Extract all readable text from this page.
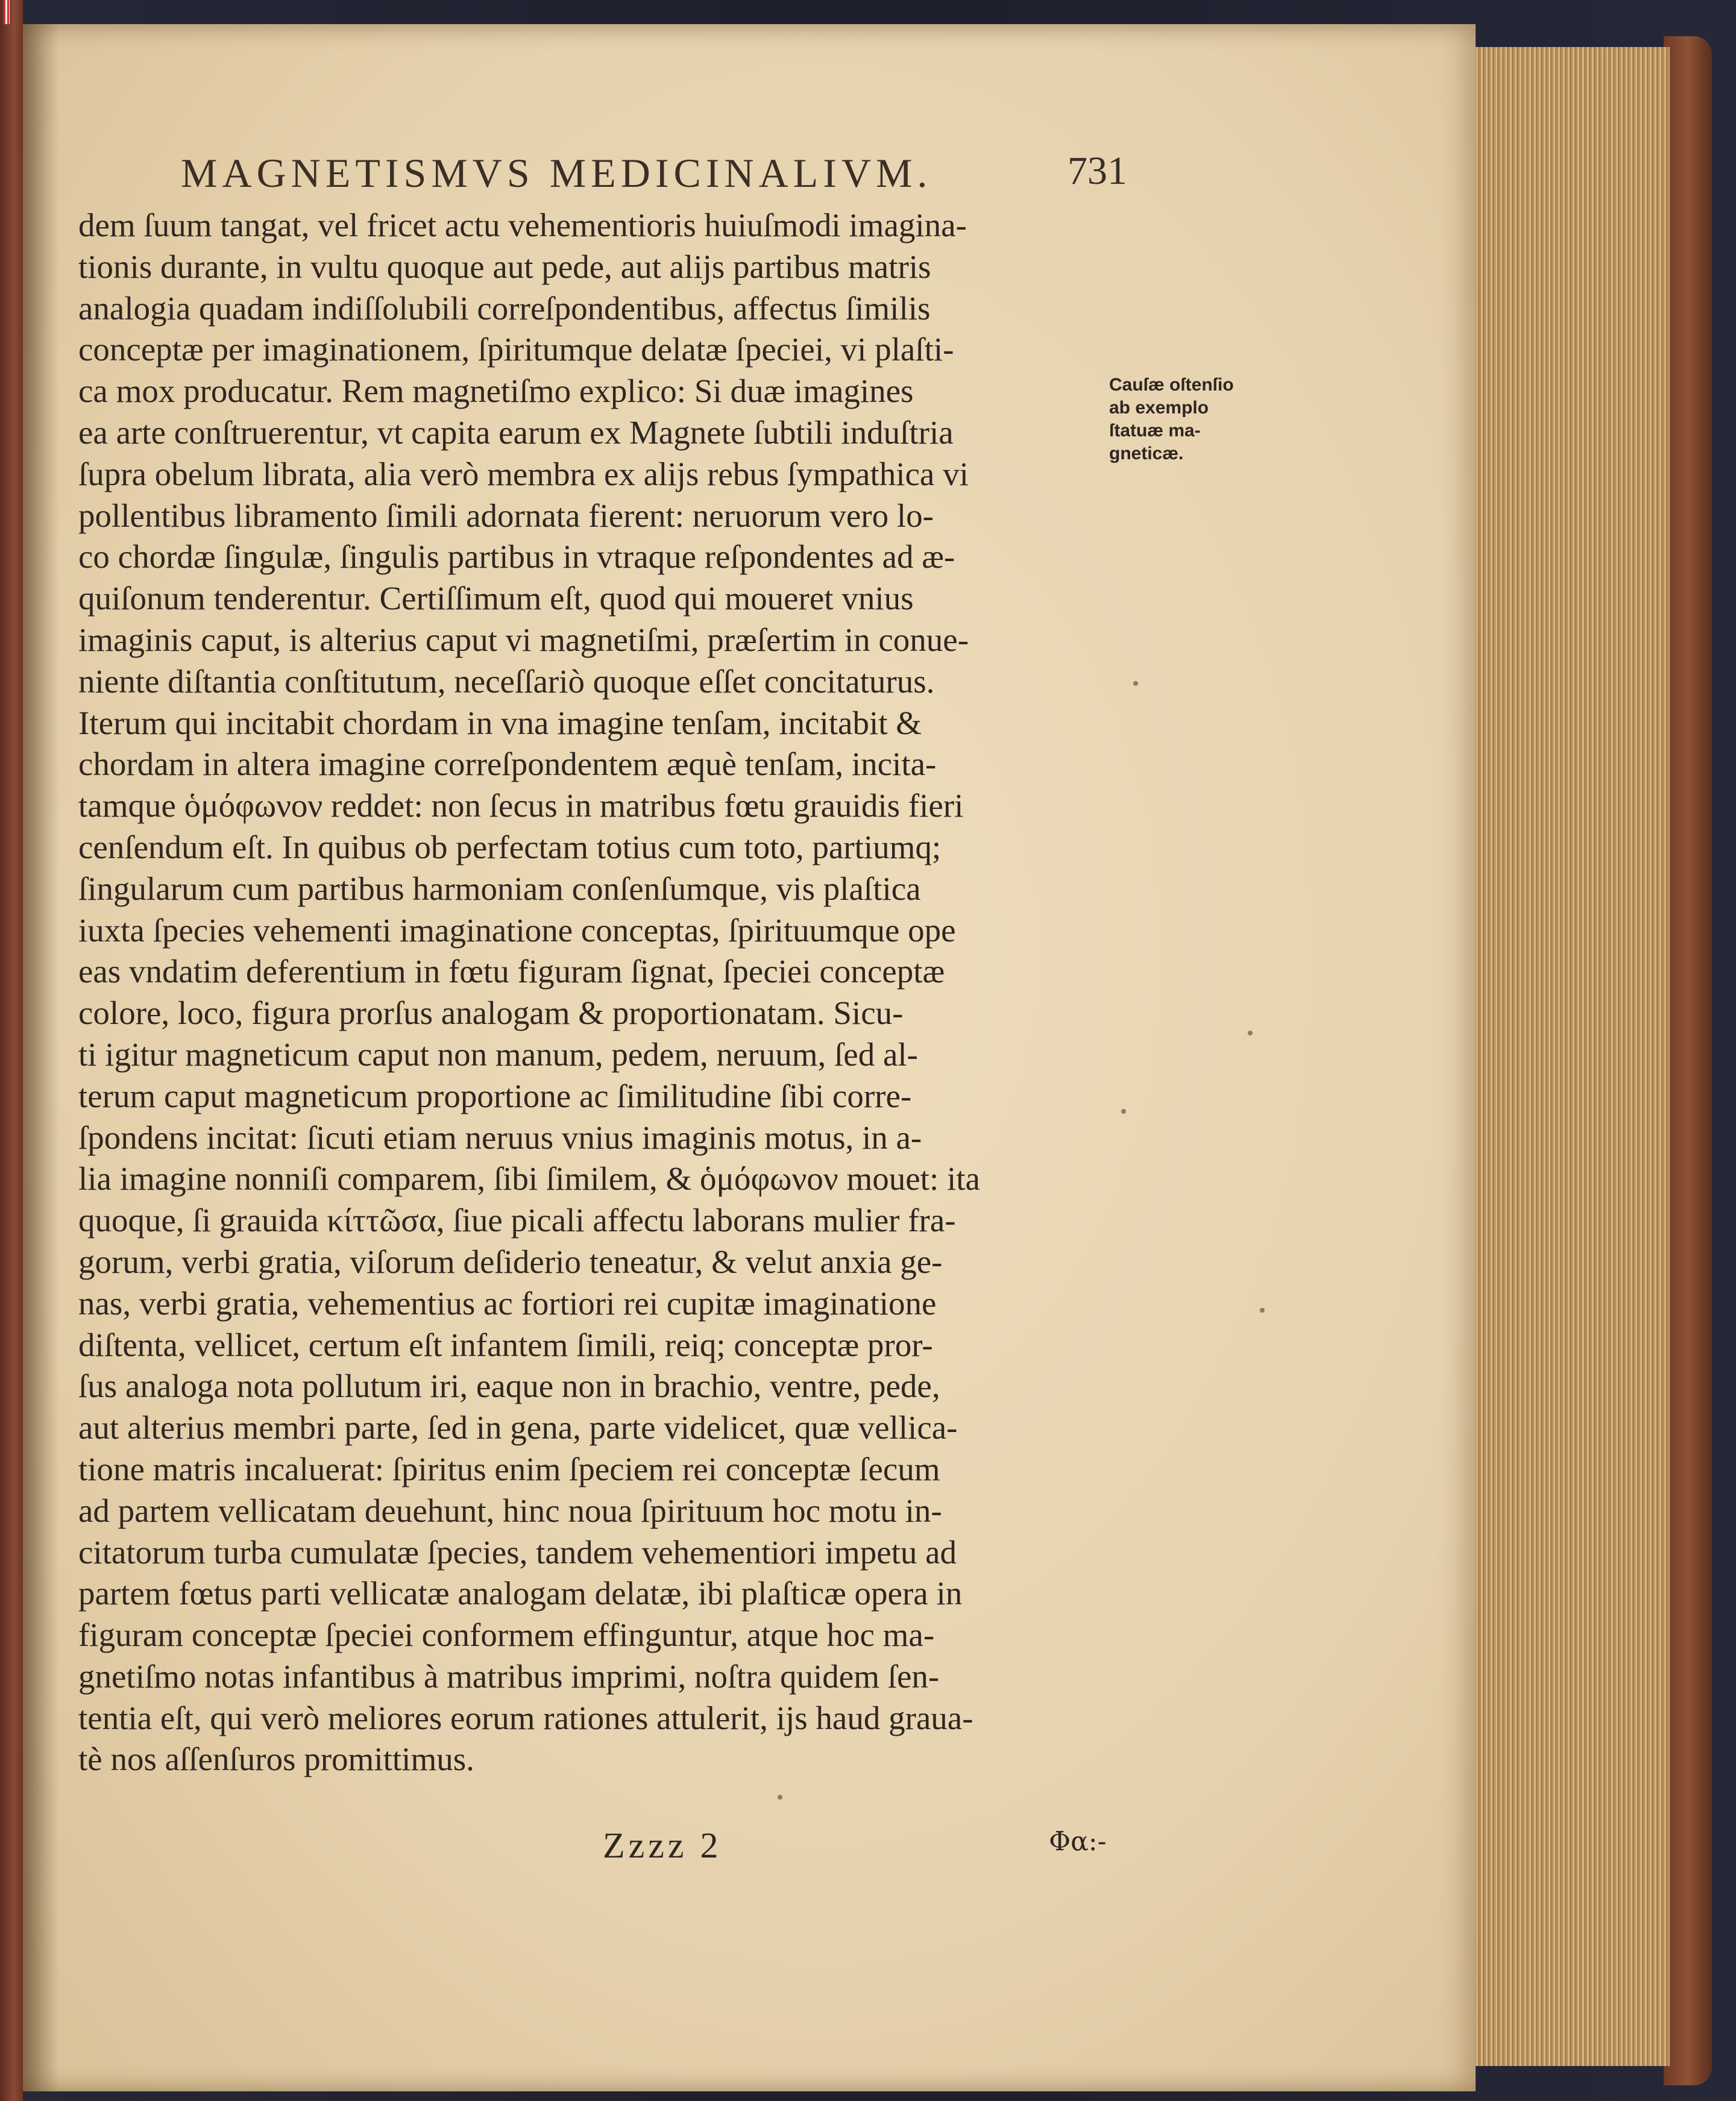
MAGNETISMVS MEDICINALIVM.	731
dem ſuum tangat, vel fricet actu vehementioris huiuſmodi imagina-
tionis durante, in vultu quoque aut pede, aut alijs partibus matris
analogia quadam indiſſolubili correſpondentibus, affectus ſimilis
conceptæ per imaginationem, ſpiritumque delatæ ſpeciei, vi plaſti-
ca mox producatur. Rem magnetiſmo explico: Si duæ imagines
ea arte conſtruerentur, vt capita earum ex Magnete ſubtili induſtria
ſupra obelum librata, alia verò membra ex alijs rebus ſympathica vi
pollentibus libramento ſimili adornata fierent: neruorum vero lo-
co chordæ ſingulæ, ſingulis partibus in vtraque reſpondentes ad æ-
quiſonum tenderentur. Certiſſimum eſt, quod qui moueret vnius
imaginis caput, is alterius caput vi magnetiſmi, præſertim in conue-
niente diſtantia conſtitutum, neceſſariò quoque eſſet concitaturus.
Iterum qui incitabit chordam in vna imagine tenſam, incitabit &
chordam in altera imagine correſpondentem æquè tenſam, incita-
tamque ὁμόφωνον reddet: non ſecus in matribus fœtu grauidis fieri
cenſendum eſt. In quibus ob perfectam totius cum toto, partiumq;
ſingularum cum partibus harmoniam conſenſumque, vis plaſtica
iuxta ſpecies vehementi imaginatione conceptas, ſpirituumque ope
eas vndatim deferentium in fœtu figuram ſignat, ſpeciei conceptæ
colore, loco, figura prorſus analogam & proportionatam. Sicu-
ti igitur magneticum caput non manum, pedem, neruum, ſed al-
terum caput magneticum proportione ac ſimilitudine ſibi corre-
ſpondens incitat: ſicuti etiam neruus vnius imaginis motus, in a-
lia imagine nonniſi comparem, ſibi ſimilem, & ὁμόφωνον mouet: ita
quoque, ſi grauida κίττῶσα, ſiue picali affectu laborans mulier fra-
gorum, verbi gratia, viſorum deſiderio teneatur, & velut anxia ge-
nas, verbi gratia, vehementius ac fortiori rei cupitæ imaginatione
diſtenta, vellicet, certum eſt infantem ſimili, reiq; conceptæ pror-
ſus analoga nota pollutum iri, eaque non in brachio, ventre, pede,
aut alterius membri parte, ſed in gena, parte videlicet, quæ vellica-
tione matris incaluerat: ſpiritus enim ſpeciem rei conceptæ ſecum
ad partem vellicatam deuehunt, hinc noua ſpirituum hoc motu in-
citatorum turba cumulatæ ſpecies, tandem vehementiori impetu ad
partem fœtus parti vellicatæ analogam delatæ, ibi plaſticæ opera in
figuram conceptæ ſpeciei conformem effinguntur, atque hoc ma-
gnetiſmo notas infantibus à matribus imprimi, noſtra quidem ſen-
tentia eſt, qui verò meliores eorum rationes attulerit, ijs haud graua-
tè nos aſſenſuros promittimus.
Cauſæ oſtenſio
ab exemplo
ſtatuæ ma-
gneticæ.
Zzzz 2	Φα:-
